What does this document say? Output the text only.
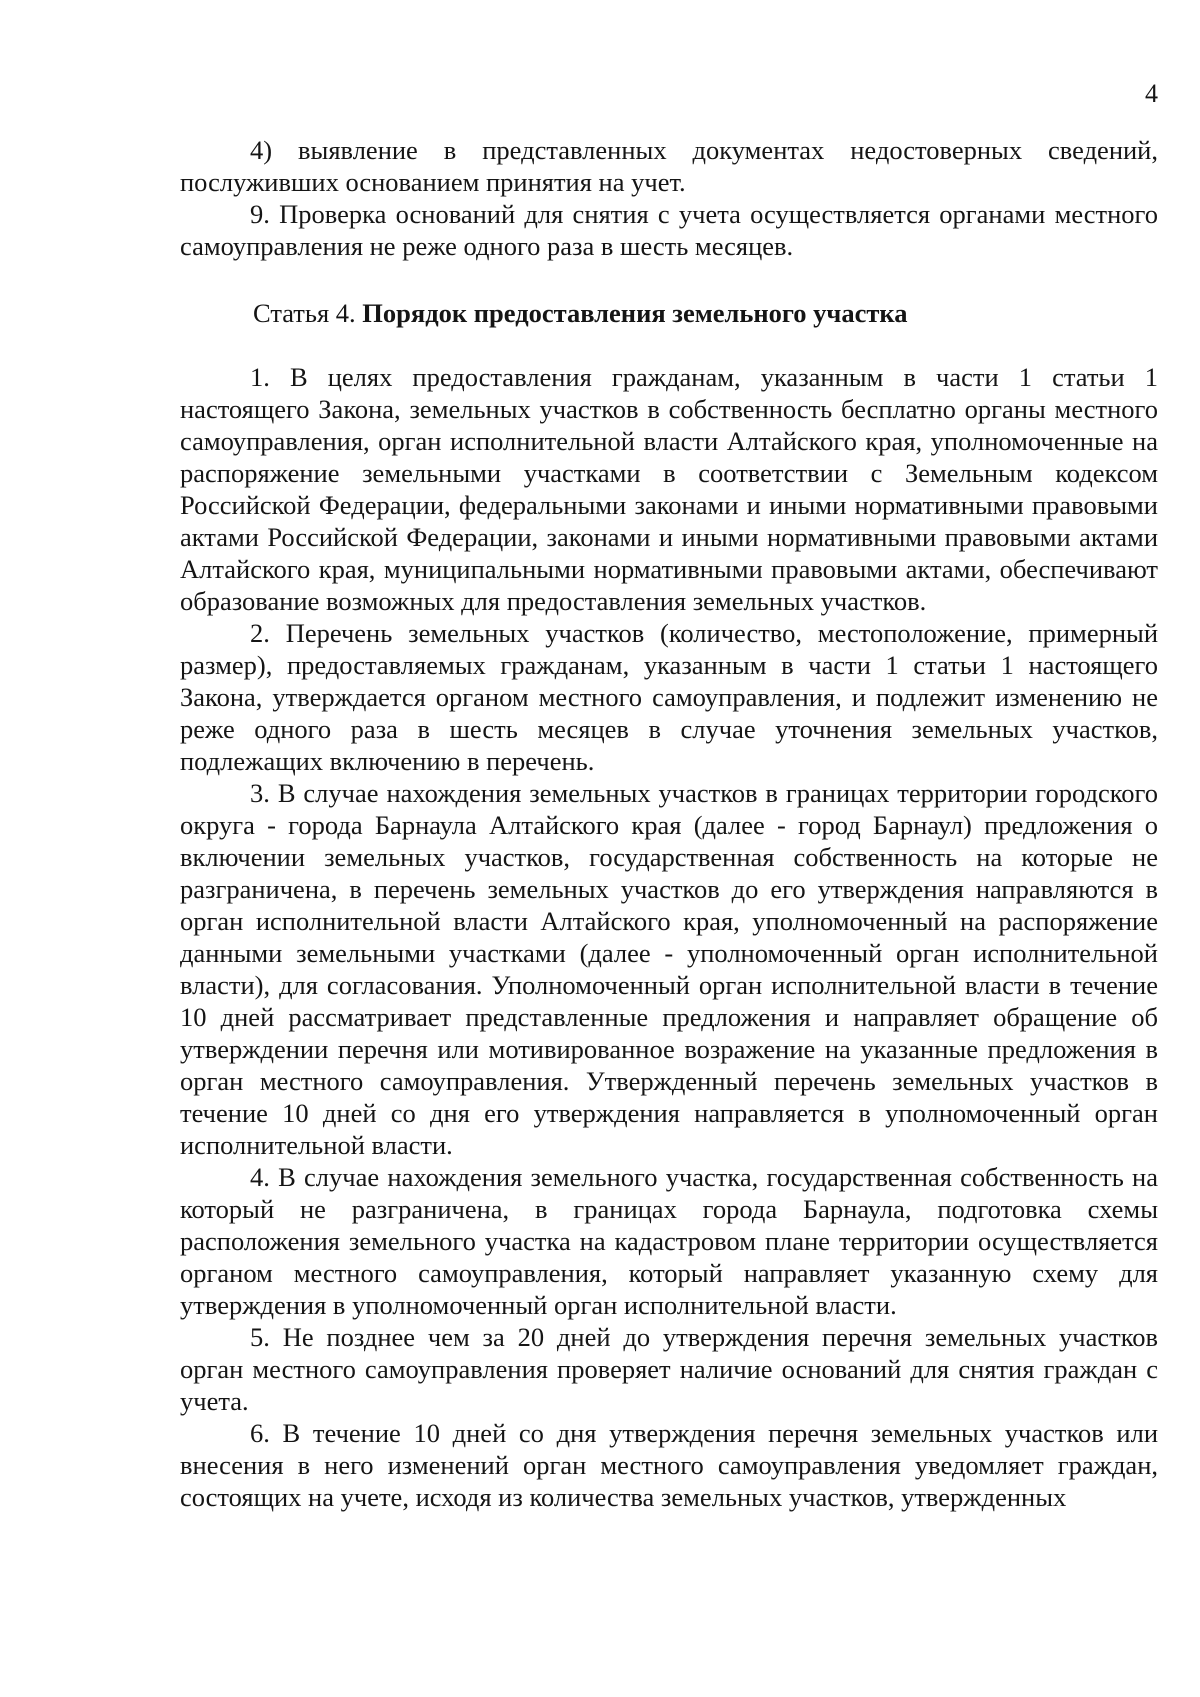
4

4) выявление в представленных документах недостоверных сведений, послуживших основанием принятия на учет.

9. Проверка оснований для снятия с учета осуществляется органами местного самоуправления не реже одного раза в шесть месяцев.

Статья 4. Порядок предоставления земельного участка

1. В целях предоставления гражданам, указанным в части 1 статьи 1 настоящего Закона, земельных участков в собственность бесплатно органы местного самоуправления, орган исполнительной власти Алтайского края, уполномоченные на распоряжение земельными участками в соответствии с Земельным кодексом Российской Федерации, федеральными законами и иными нормативными правовыми актами Российской Федерации, законами и иными нормативными правовыми актами Алтайского края, муниципальными нормативными правовыми актами, обеспечивают образование возможных для предоставления земельных участков.

2. Перечень земельных участков (количество, местоположение, примерный размер), предоставляемых гражданам, указанным в части 1 статьи 1 настоящего Закона, утверждается органом местного самоуправления, и подлежит изменению не реже одного раза в шесть месяцев в случае уточнения земельных участков, подлежащих включению в перечень.

3. В случае нахождения земельных участков в границах территории городского округа - города Барнаула Алтайского края (далее - город Барнаул) предложения о включении земельных участков, государственная собственность на которые не разграничена, в перечень земельных участков до его утверждения направляются в орган исполнительной власти Алтайского края, уполномоченный на распоряжение данными земельными участками (далее - уполномоченный орган исполнительной власти), для согласования. Уполномоченный орган исполнительной власти в течение 10 дней рассматривает представленные предложения и направляет обращение об утверждении перечня или мотивированное возражение на указанные предложения в орган местного самоуправления. Утвержденный перечень земельных участков в течение 10 дней со дня его утверждения направляется в уполномоченный орган исполнительной власти.

4. В случае нахождения земельного участка, государственная собственность на который не разграничена, в границах города Барнаула, подготовка схемы расположения земельного участка на кадастровом плане территории осуществляется органом местного самоуправления, который направляет указанную схему для утверждения в уполномоченный орган исполнительной власти.

5. Не позднее чем за 20 дней до утверждения перечня земельных участков орган местного самоуправления проверяет наличие оснований для снятия граждан с учета.

6. В течение 10 дней со дня утверждения перечня земельных участков или внесения в него изменений орган местного самоуправления уведомляет граждан, состоящих на учете, исходя из количества земельных участков, утвержденных
